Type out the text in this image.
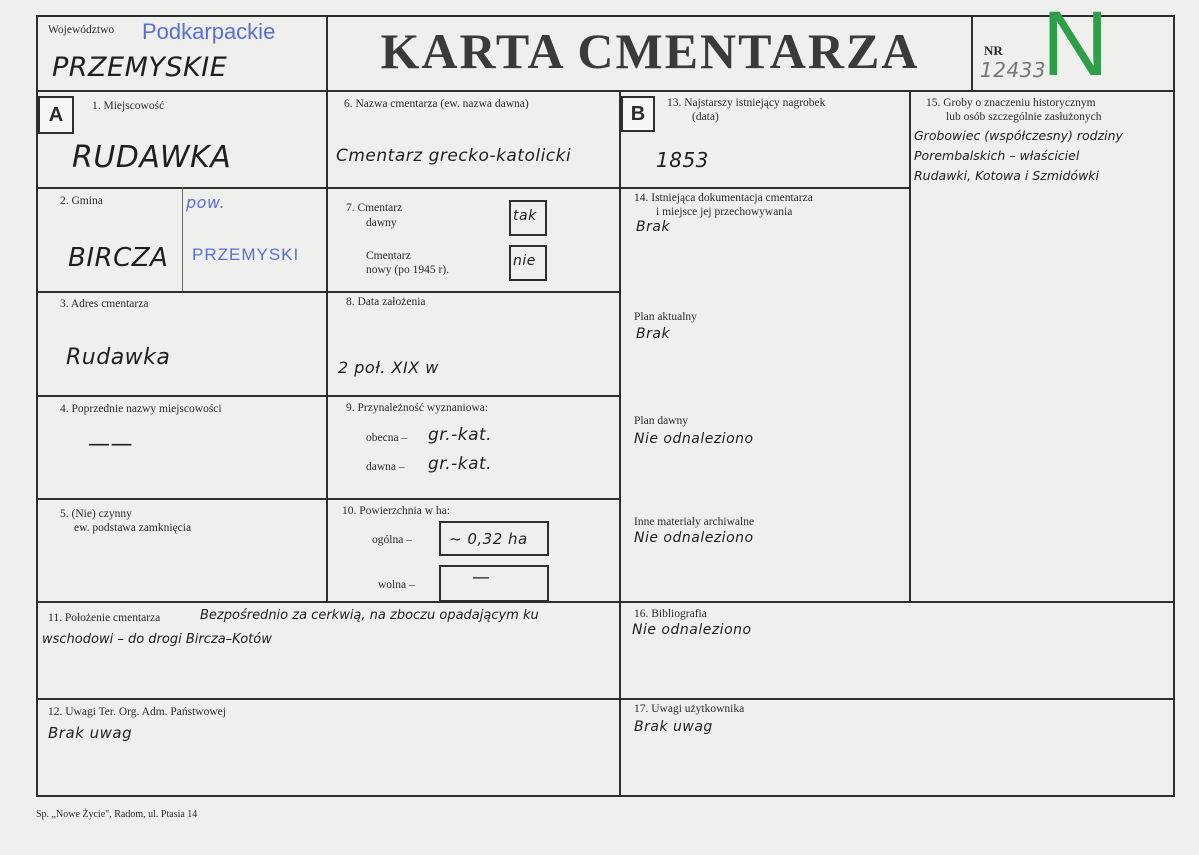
Województwo Podkarpackie
PRZEMYSKIE	KARTA CMENTARZA	NR
12433
N
A	1. Miejscowość
RUDAWKA
2. Gmina	pow.
BIRCZA PRZEMYSKI
3. Adres cmentarza
Rudawka
4. Poprzednie nazwy miejscowości
——
5. (Nie) czynny
ew. podstawa zamknięcia
6. Nazwa cmentarza (ew. nazwa dawna)
Cmentarz grecko-katolicki
7. Cmentarz
dawny	tak
Cmentarz
nowy (po 1945 r).
nie
8. Data założenia
2 poł. XIX w
9. Przynależność wyznaniowa:
obecna – gr.-kat.
dawna – gr.-kat.
10. Powierzchnia w ha:
ogólna – ~ 0,32 ha
wolna –	—
B	13. Najstarszy istniejący nagrobek
(data)
1853
14. Istniejąca dokumentacja cmentarza
i miejsce jej przechowywania
Brak
Plan aktualny
Brak
Plan dawny
Nie odnaleziono
Inne materiały archiwalne
Nie odnaleziono
15. Groby o znaczeniu historycznym
lub osób szczególnie zasłużonych
Grobowiec (współczesny) rodziny
Porembalskich – właściciel
Rudawki, Kotowa i Szmidówki
11. Położenie cmentarza	Bezpośrednio za cerkwią, na zboczu opadającym ku
wschodowi – do drogi Bircza–Kotów
16. Bibliografia
Nie odnaleziono
12. Uwagi Ter. Org. Adm. Państwowej
Brak uwag
17. Uwagi użytkownika
Brak uwag
Sp. „Nowe Życie", Radom, ul. Ptasia 14
